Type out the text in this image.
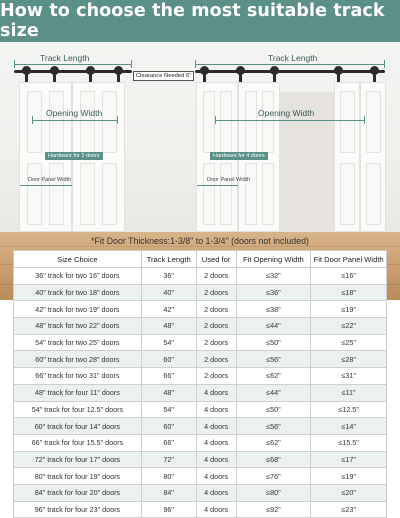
How to choose the most suitable track size
Track Length
Clearance Needed 6"
Opening Width
Hardware for 2 doors
Door Panel Width
Track Length
Opening Width
Hardware for 4 doors
Door Panel Width
*Fit Door Thickness:1-3/8" to 1-3/4" (doors not included)
Size Choice	Track Length	Used for	Fit Opening Width	Fit Door Panel Width
36" track for two 16" doors	36"	2 doors	≤32"	≤16"
40" track for two 18" doors	40"	2 doors	≤36"	≤18"
42" track for two 19" doors	42"	2 doors	≤38"	≤19"
48" track for two 22" doors	48"	2 doors	≤44"	≤22"
54" track for two 25" doors	54"	2 doors	≤50"	≤25"
60" track for two 28" doors	60"	2 doors	≤56"	≤28"
66" track for two 31" doors	66"	2 doors	≤62"	≤31"
48" track for four 11" doors	48"	4 doors	≤44"	≤11"
54" track for four 12.5" doors	54"	4 doors	≤50"	≤12.5"
60" track for four 14" doors	60"	4 doors	≤56"	≤14"
66" track for four 15.5" doors	66"	4 doors	≤62"	≤15.5"
72" track for four 17" doors	72"	4 doors	≤68"	≤17"
80" track for four 19" doors	80"	4 doors	≤76"	≤19"
84" track for four 20" doors	84"	4 doors	≤80"	≤20"
96" track for four 23" doors	96"	4 doors	≤92"	≤23"
